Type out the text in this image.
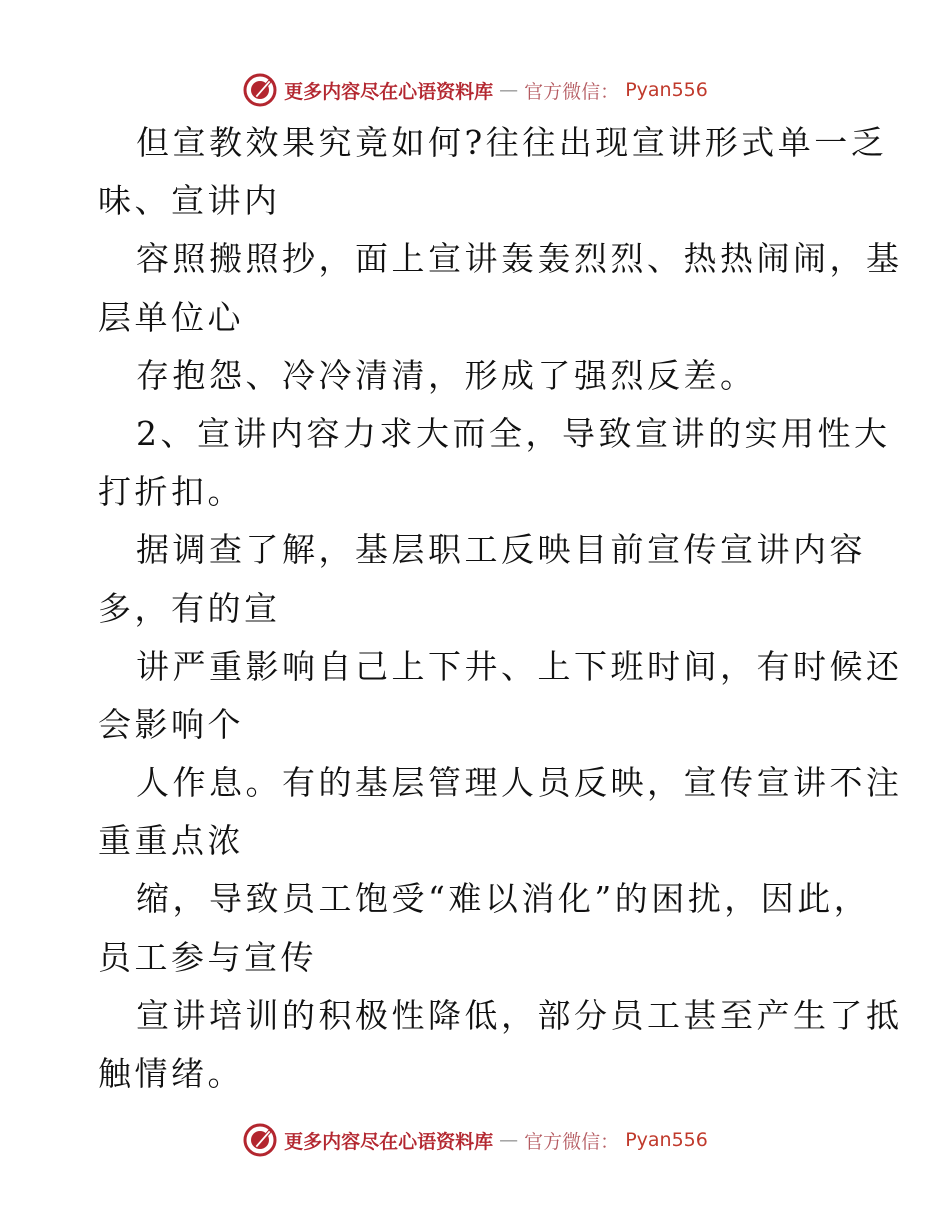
更多内容尽在心语资料库 — 官方微信： Pyan556
但宣教效果究竟如何?往往出现宣讲形式单一乏
味、宣讲内
容照搬照抄，面上宣讲轰轰烈烈、热热闹闹，基
层单位心
存抱怨、冷冷清清，形成了强烈反差。
2、宣讲内容力求大而全，导致宣讲的实用性大
打折扣。
据调查了解，基层职工反映目前宣传宣讲内容
多，有的宣
讲严重影响自己上下井、上下班时间，有时候还
会影响个
人作息。有的基层管理人员反映，宣传宣讲不注
重重点浓
缩，导致员工饱受“难以消化”的困扰，因此，
员工参与宣传
宣讲培训的积极性降低，部分员工甚至产生了抵
触情绪。
更多内容尽在心语资料库 — 官方微信： Pyan556
